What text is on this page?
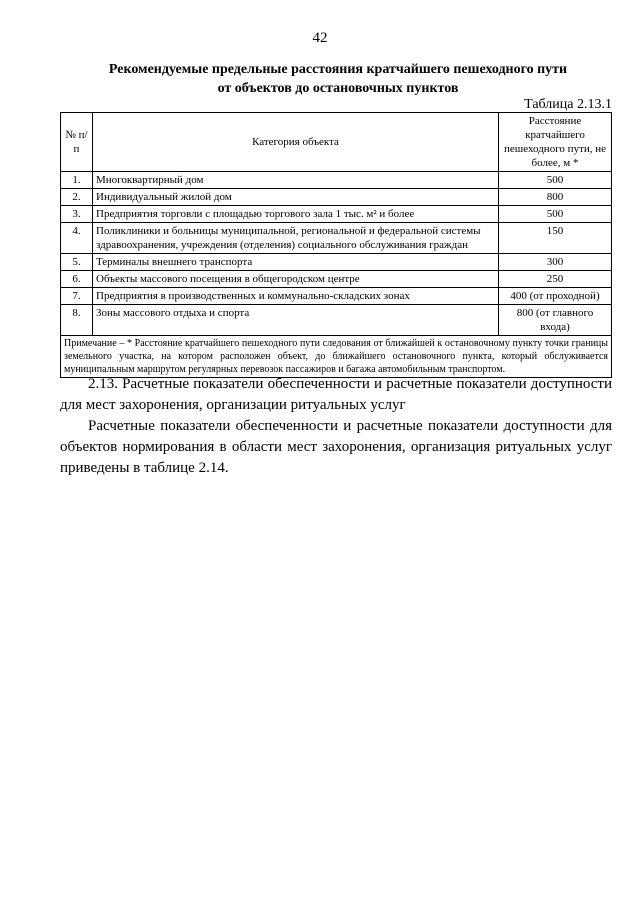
42
Рекомендуемые предельные расстояния кратчайшего пешеходного пути
от объектов до остановочных пунктов
Таблица 2.13.1
№ п/п	Категория объекта	Расстояние кратчайшего пешеходного пути, не более, м *
1.	Многоквартирный дом	500
2.	Индивидуальный жилой дом	800
3.	Предприятия торговли с площадью торгового зала 1 тыс. м² и более	500
4.	Поликлиники и больницы муниципальной, региональной и федеральной системы здравоохранения, учреждения (отделения) социального обслуживания граждан	150
5.	Терминалы внешнего транспорта	300
6.	Объекты массового посещения в общегородском центре	250
7.	Предприятия в производственных и коммунально-складских зонах	400 (от проходной)
8.	Зоны массового отдыха и спорта	800 (от главного входа)
Примечание – * Расстояние кратчайшего пешеходного пути следования от ближайшей к остановочному пункту точки границы земельного участка, на котором расположен объект, до ближайшего остановочного пункта, который обслуживается муниципальным маршрутом регулярных перевозок пассажиров и багажа автомобильным транспортом.		

2.13. Расчетные показатели обеспеченности и расчетные показатели доступности для мест захоронения, организации ритуальных услуг

Расчетные показатели обеспеченности и расчетные показатели доступности для объектов нормирования в области мест захоронения, организация ритуальных услуг приведены в таблице 2.14.
